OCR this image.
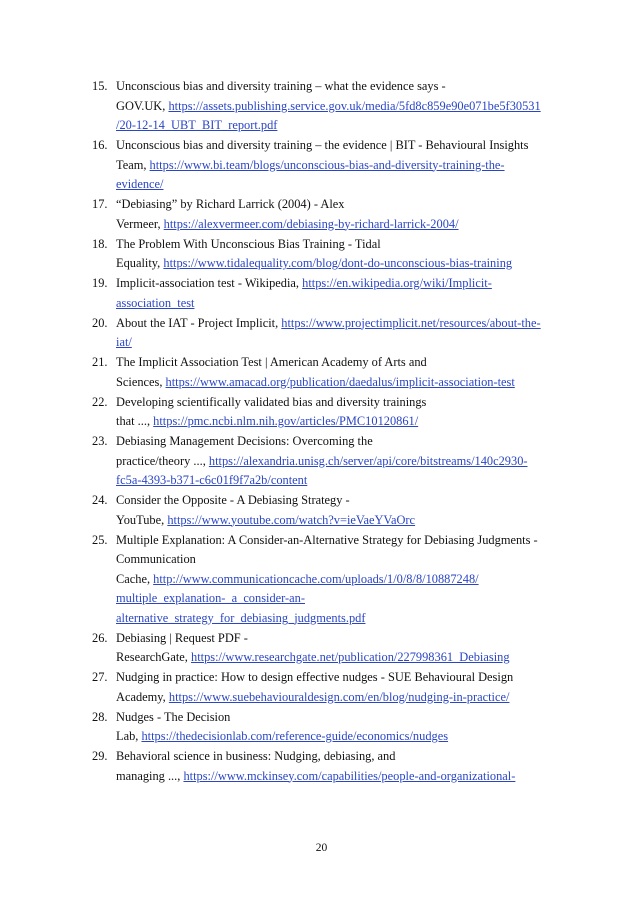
15. Unconscious bias and diversity training – what the evidence says -
GOV.UK, https://assets.publishing.service.gov.uk/media/5fd8c859e90e071be5f30531
/20-12-14_UBT_BIT_report.pdf
16. Unconscious bias and diversity training – the evidence | BIT - Behavioural Insights
Team, https://www.bi.team/blogs/unconscious-bias-and-diversity-training-the-
evidence/
17. “Debiasing” by Richard Larrick (2004) - Alex
Vermeer, https://alexvermeer.com/debiasing-by-richard-larrick-2004/
18. The Problem With Unconscious Bias Training - Tidal
Equality, https://www.tidalequality.com/blog/dont-do-unconscious-bias-training
19. Implicit-association test - Wikipedia, https://en.wikipedia.org/wiki/Implicit-
association_test
20. About the IAT - Project Implicit, https://www.projectimplicit.net/resources/about-the-
iat/
21. The Implicit Association Test | American Academy of Arts and
Sciences, https://www.amacad.org/publication/daedalus/implicit-association-test
22. Developing scientifically validated bias and diversity trainings
that ..., https://pmc.ncbi.nlm.nih.gov/articles/PMC10120861/
23. Debiasing Management Decisions: Overcoming the
practice/theory ..., https://alexandria.unisg.ch/server/api/core/bitstreams/140c2930-
fc5a-4393-b371-c6c01f9f7a2b/content
24. Consider the Opposite - A Debiasing Strategy -
YouTube, https://www.youtube.com/watch?v=ieVaeYVaOrc
25. Multiple Explanation: A Consider-an-Alternative Strategy for Debiasing Judgments -
Communication
Cache, http://www.communicationcache.com/uploads/1/0/8/8/10887248/
multiple_explanation-_a_consider-an-
alternative_strategy_for_debiasing_judgments.pdf
26. Debiasing | Request PDF -
ResearchGate, https://www.researchgate.net/publication/227998361_Debiasing
27. Nudging in practice: How to design effective nudges - SUE Behavioural Design
Academy, https://www.suebehaviouraldesign.com/en/blog/nudging-in-practice/
28. Nudges - The Decision
Lab, https://thedecisionlab.com/reference-guide/economics/nudges
29. Behavioral science in business: Nudging, debiasing, and
managing ..., https://www.mckinsey.com/capabilities/people-and-organizational-
20
